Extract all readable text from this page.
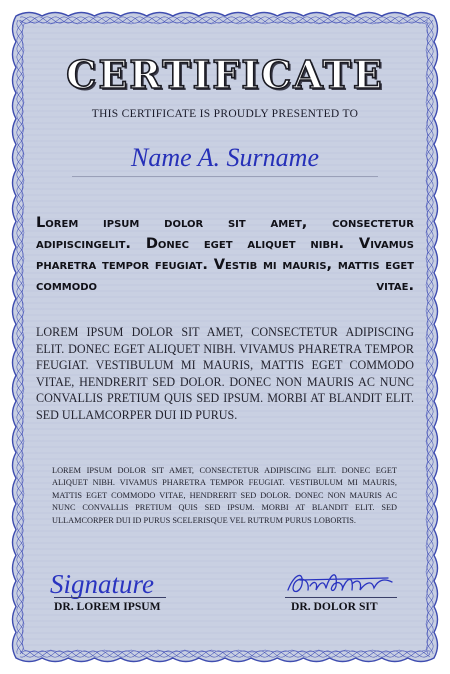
CERTIFICATE
THIS CERTIFICATE IS PROUDLY PRESENTED TO
Name A. Surname
Lorem ipsum dolor sit amet, consectetur adipiscingelit. Donec eget aliquet nibh. Vivamus pharetra tempor feugiat. Vestib mi mauris, mattis eget commodo vitae.
LOREM IPSUM DOLOR SIT AMET, CONSECTETUR ADIPISCING ELIT. DONEC EGET ALIQUET NIBH. VIVAMUS PHARETRA TEMPOR FEUGIAT. VESTIBULUM MI MAURIS, MATTIS EGET COMMODO VITAE, HENDRERIT SED DOLOR. DONEC NON MAURIS AC NUNC CONVALLIS PRETIUM QUIS SED IPSUM. MORBI AT BLANDIT ELIT. SED ULLAMCORPER DUI ID PURUS.
LOREM IPSUM DOLOR SIT AMET, CONSECTETUR ADIPISCING ELIT. DONEC EGET ALIQUET NIBH. VIVAMUS PHARETRA TEMPOR FEUGIAT. VESTIBULUM MI MAURIS, MATTIS EGET COMMODO VITAE, HENDRERIT SED DOLOR. DONEC NON MAURIS AC NUNC CONVALLIS PRETIUM QUIS SED IPSUM. MORBI AT BLANDIT ELIT. SED ULLAMCORPER DUI ID PURUS SCELERISQUE VEL RUTRUM PURUS LOBORTIS.
Signature
DR. LOREM IPSUM	DR. DOLOR SIT
